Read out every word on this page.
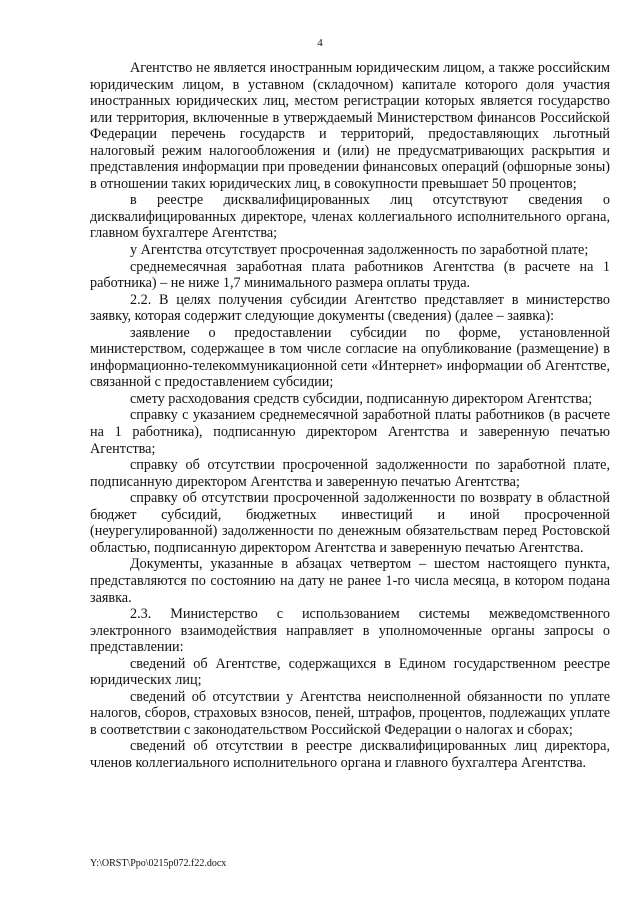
4

Агентство не является иностранным юридическим лицом, а также российским юридическим лицом, в уставном (складочном) капитале которого доля участия иностранных юридических лиц, местом регистрации которых является государство или территория, включенные в утверждаемый Министерством финансов Российской Федерации перечень государств и территорий, предоставляющих льготный налоговый режим налогообложения и (или) не предусматривающих раскрытия и представления информации при проведении финансовых операций (офшорные зоны) в отношении таких юридических лиц, в совокупности превышает 50 процентов;

в реестре дисквалифицированных лиц отсутствуют сведения о дисквалифицированных директоре, членах коллегиального исполнительного органа, главном бухгалтере Агентства;

у Агентства отсутствует просроченная задолженность по заработной плате;

среднемесячная заработная плата работников Агентства (в расчете на 1 работника) – не ниже 1,7 минимального размера оплаты труда.

2.2. В целях получения субсидии Агентство представляет в министерство заявку, которая содержит следующие документы (сведения) (далее – заявка):

заявление о предоставлении субсидии по форме, установленной министерством, содержащее в том числе согласие на опубликование (размещение) в информационно-телекоммуникационной сети «Интернет» информации об Агентстве, связанной с предоставлением субсидии;

смету расходования средств субсидии, подписанную директором Агентства;

справку с указанием среднемесячной заработной платы работников (в расчете на 1 работника), подписанную директором Агентства и заверенную печатью Агентства;

справку об отсутствии просроченной задолженности по заработной плате, подписанную директором Агентства и заверенную печатью Агентства;

справку об отсутствии просроченной задолженности по возврату в областной бюджет субсидий, бюджетных инвестиций и иной просроченной (неурегулированной) задолженности по денежным обязательствам перед Ростовской областью, подписанную директором Агентства и заверенную печатью Агентства.

Документы, указанные в абзацах четвертом – шестом настоящего пункта, представляются по состоянию на дату не ранее 1-го числа месяца, в котором подана заявка.

2.3. Министерство с использованием системы межведомственного электронного взаимодействия направляет в уполномоченные органы запросы о представлении:

сведений об Агентстве, содержащихся в Едином государственном реестре юридических лиц;

сведений об отсутствии у Агентства неисполненной обязанности по уплате налогов, сборов, страховых взносов, пеней, штрафов, процентов, подлежащих уплате в соответствии с законодательством Российской Федерации о налогах и сборах;

сведений об отсутствии в реестре дисквалифицированных лиц директора, членов коллегиального исполнительного органа и главного бухгалтера Агентства.

Y:\ORST\Ppo\0215p072.f22.docx
